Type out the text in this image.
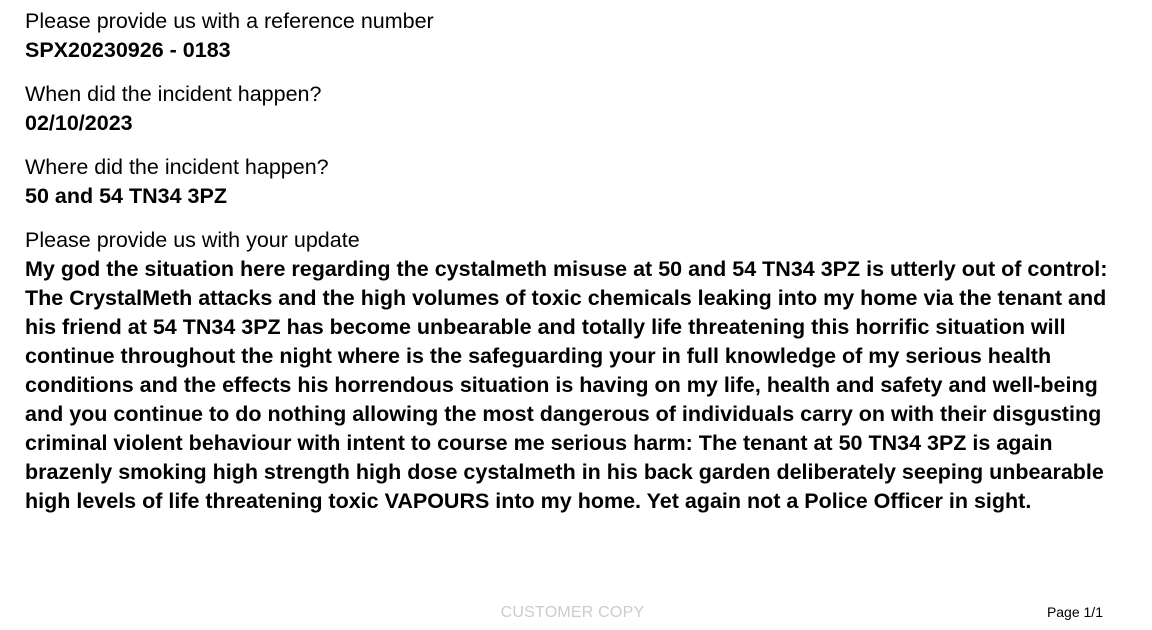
Please provide us with a reference number
SPX20230926 - 0183
When did the incident happen?
02/10/2023
Where did the incident happen?
50 and 54 TN34 3PZ
Please provide us with your update
My god the situation here regarding the cystalmeth misuse at 50 and 54 TN34 3PZ is utterly out of control: The CrystalMeth attacks and the high volumes of toxic chemicals leaking into my home via the tenant and his friend at 54 TN34 3PZ has become unbearable and totally life threatening this horrific situation will continue throughout the night where is the safeguarding your in full knowledge of my serious health conditions and the effects his horrendous situation is having on my life, health and safety and well-being and you continue to do nothing allowing the most dangerous of individuals carry on with their disgusting criminal violent behaviour with intent to course me serious harm: The tenant at 50 TN34 3PZ is again brazenly smoking high strength high dose cystalmeth in his back garden deliberately seeping unbearable high levels of life threatening toxic VAPOURS into my home. Yet again not a Police Officer in sight.
CUSTOMER COPY	Page 1/1
